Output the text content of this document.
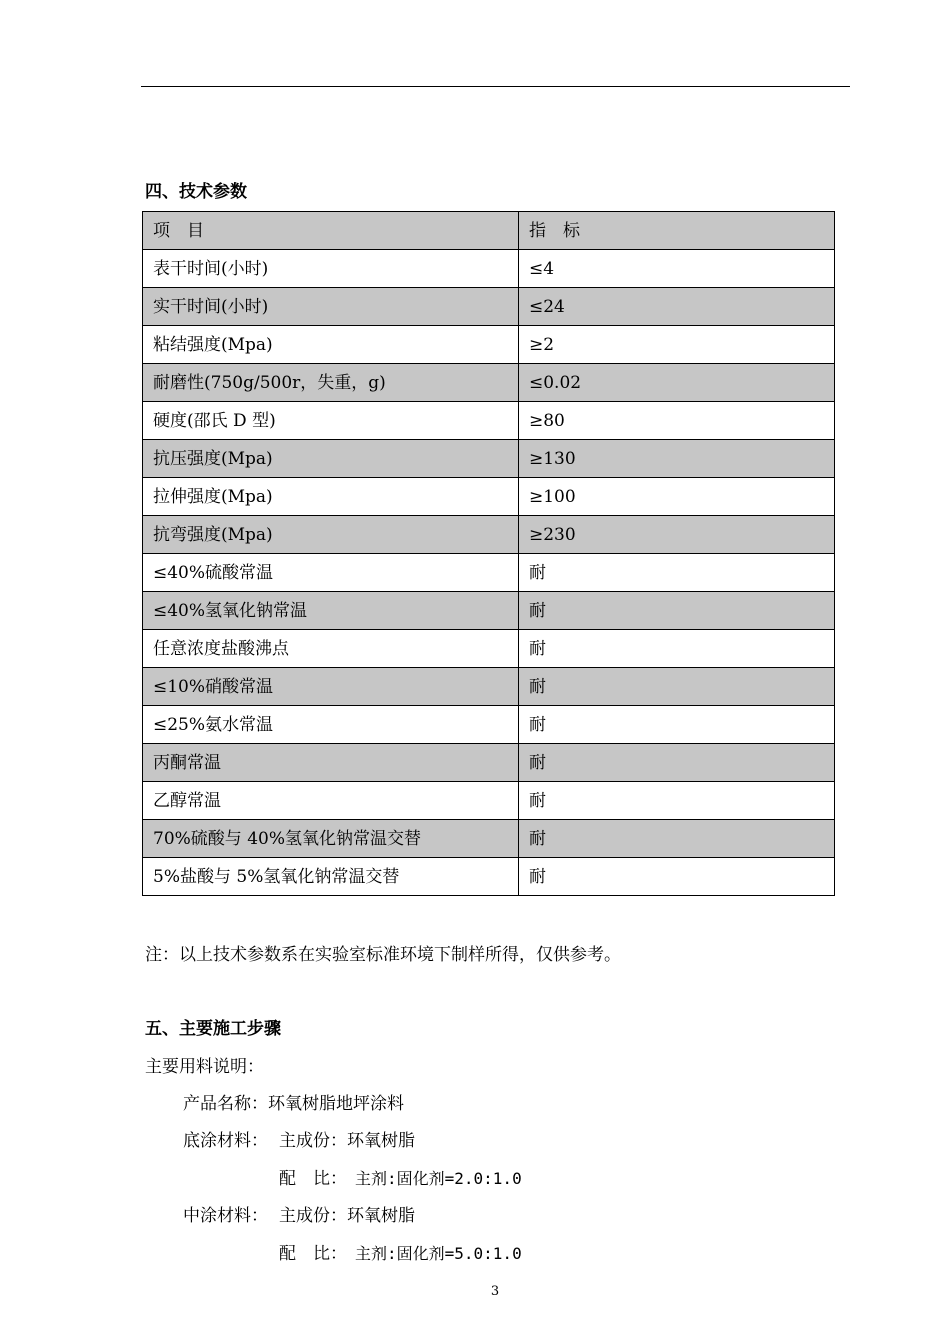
四、技术参数
项　目	指　标
表干时间(小时)	≤4
实干时间(小时)	≤24
粘结强度(Mpa)	≥2
耐磨性(750g/500r，失重，g)	≤0.02
硬度(邵氏 D 型)	≥80
抗压强度(Mpa)	≥130
拉伸强度(Mpa)	≥100
抗弯强度(Mpa)	≥230
≤40%硫酸常温	耐
≤40%氢氧化钠常温	耐
任意浓度盐酸沸点	耐
≤10%硝酸常温	耐
≤25%氨水常温	耐
丙酮常温	耐
乙醇常温	耐
70%硫酸与 40%氢氧化钠常温交替	耐
5%盐酸与 5%氢氧化钠常温交替	耐
注：以上技术参数系在实验室标准环境下制样所得，仅供参考。
五、主要施工步骤
主要用料说明：
产品名称：环氧树脂地坪涂料
底涂材料： 主成份：环氧树脂
配　比： 主剂:固化剂=2.0:1.0
中涂材料： 主成份：环氧树脂
配　比： 主剂:固化剂=5.0:1.0
3
